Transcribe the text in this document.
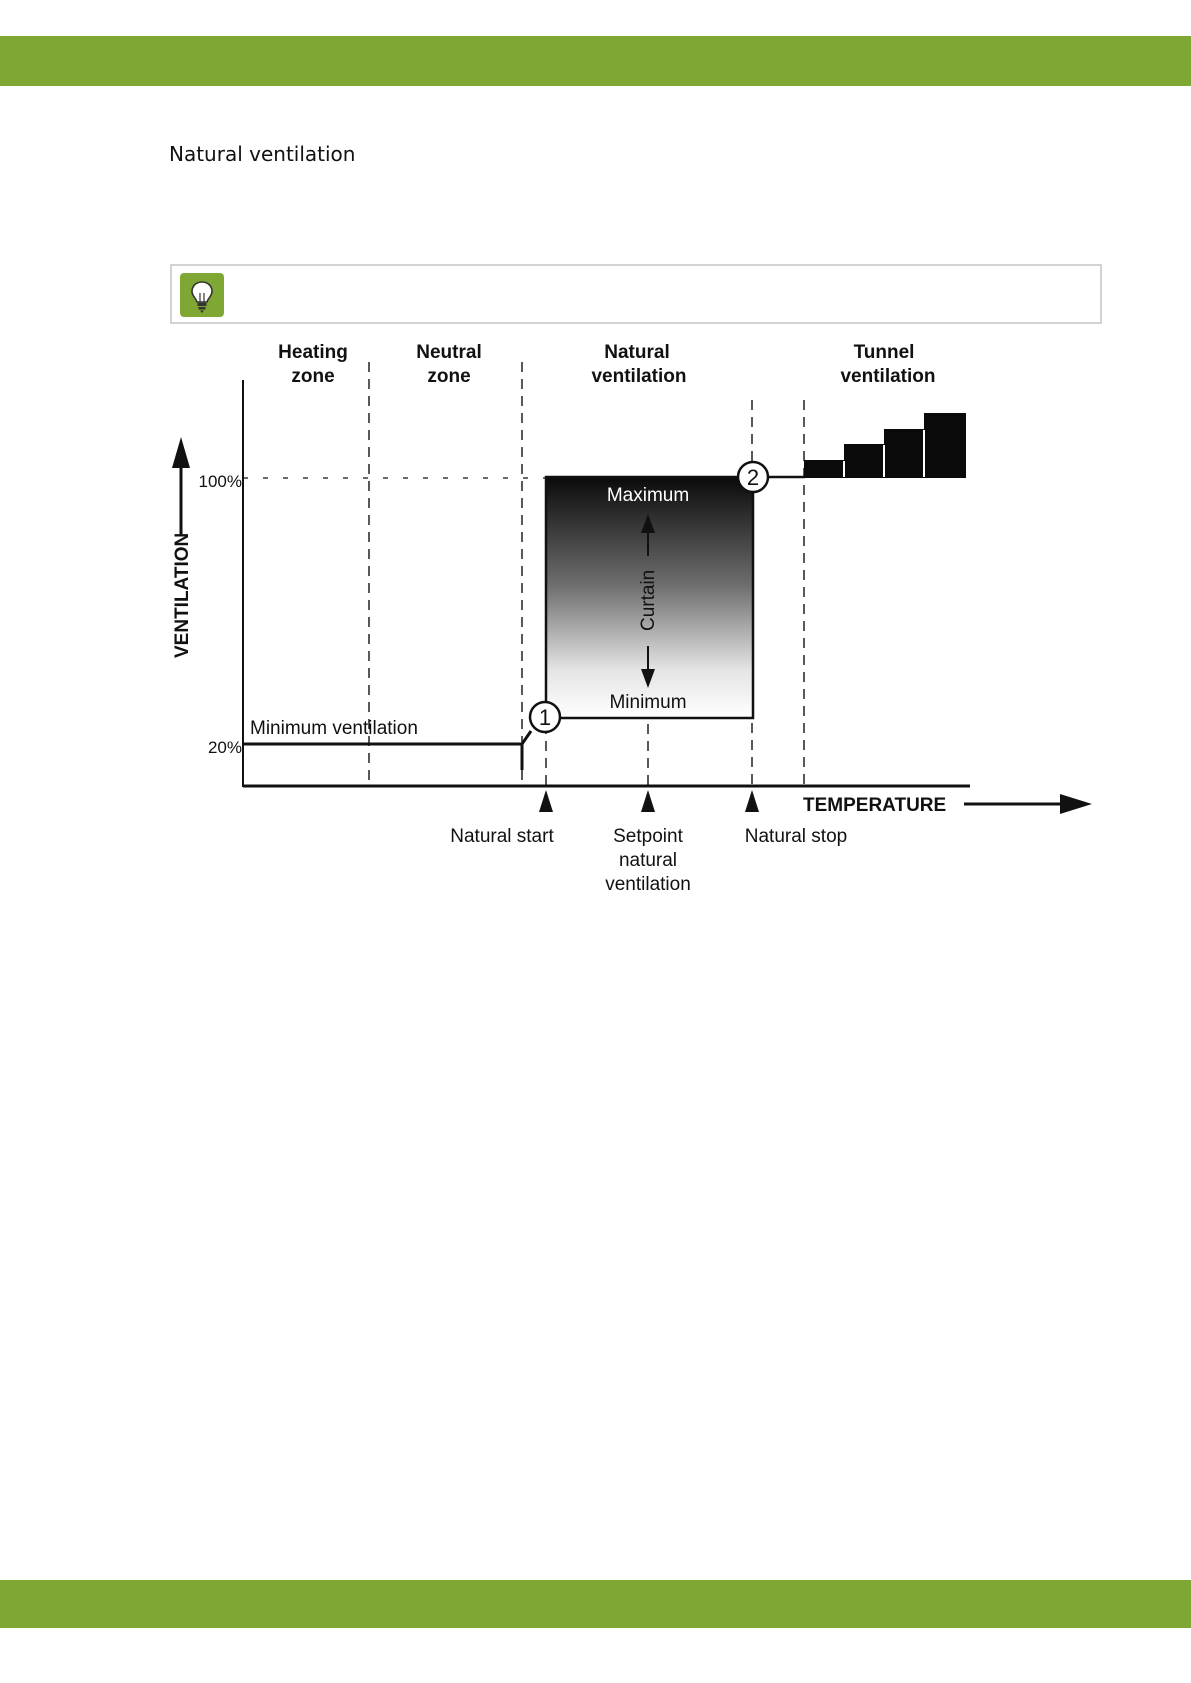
Natural ventilation
Heating
zone
Neutral
zone
Natural
ventilation
Tunnel
ventilation
VENTILATION
100%
20%
Minimum ventilation
Maximum
Minimum
Curtain
1
2
TEMPERATURE
Natural start	Setpoint
natural
ventilation
Natural stop
